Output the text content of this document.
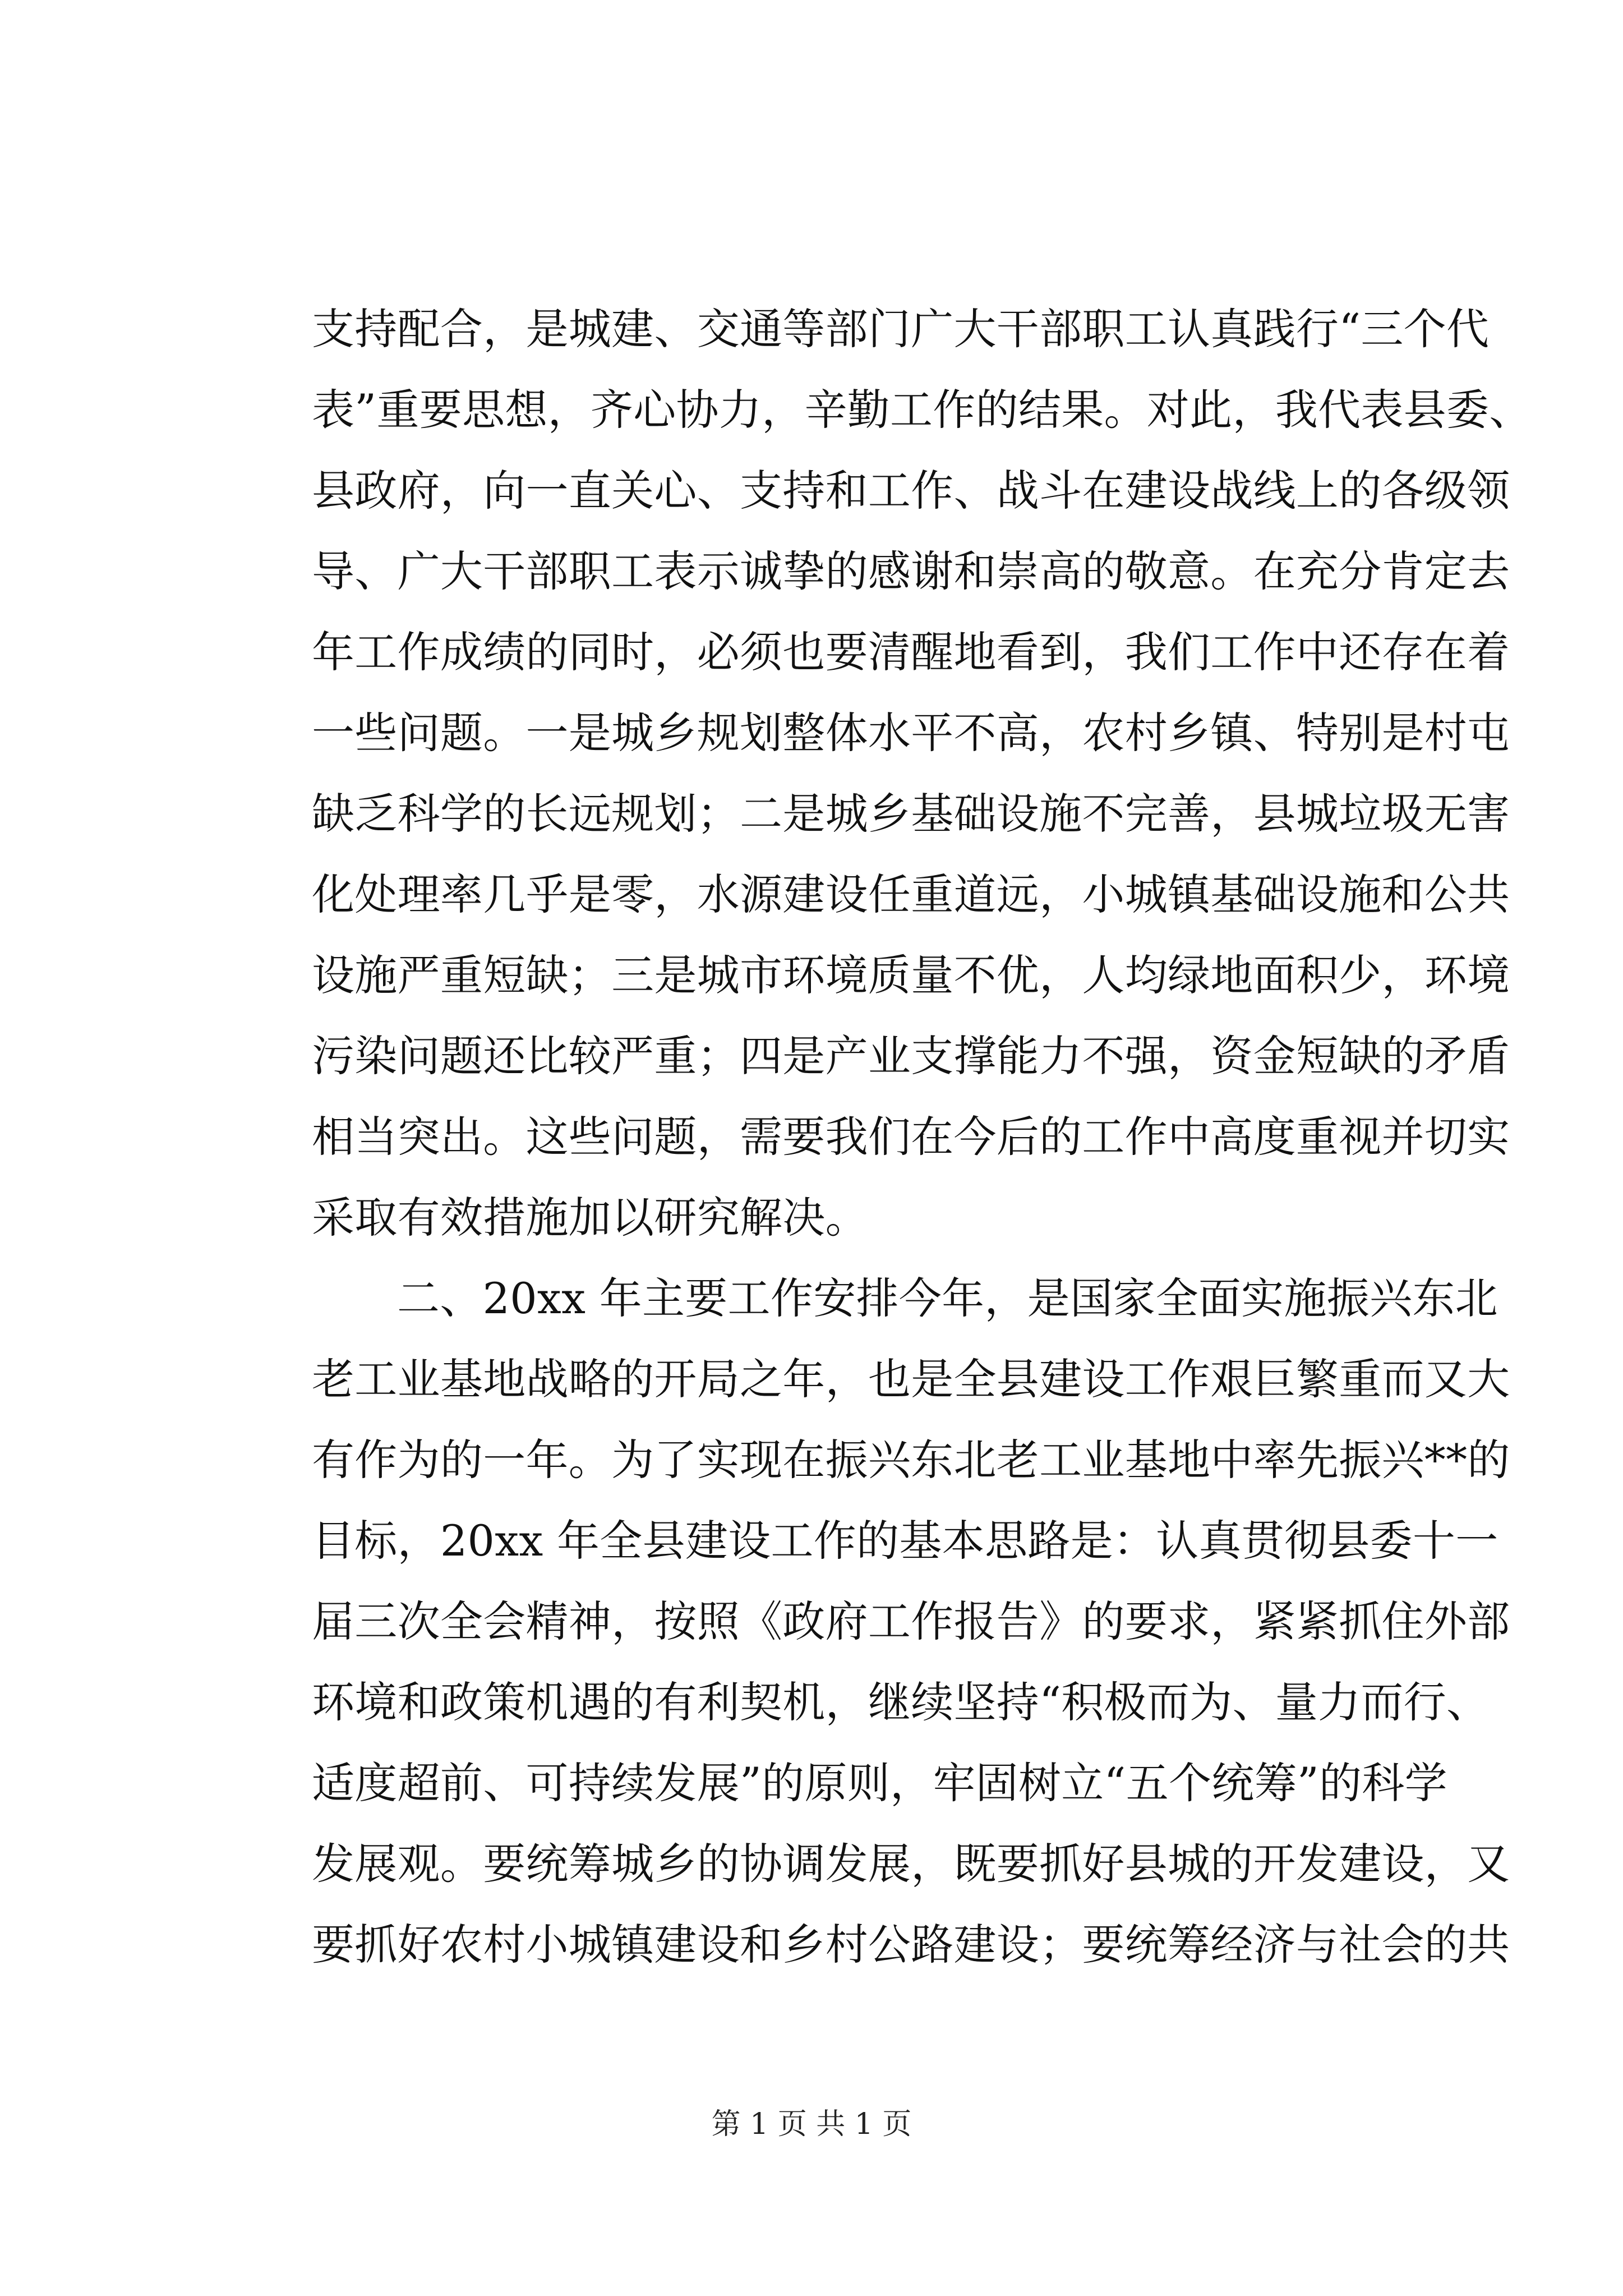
支持配合，是城建、交通等部门广大干部职工认真践行“三个代
表”重要思想，齐心协力，辛勤工作的结果。对此，我代表县委、
县政府，向一直关心、支持和工作、战斗在建设战线上的各级领
导、广大干部职工表示诚挚的感谢和崇高的敬意。在充分肯定去
年工作成绩的同时，必须也要清醒地看到，我们工作中还存在着
一些问题。一是城乡规划整体水平不高，农村乡镇、特别是村屯
缺乏科学的长远规划；二是城乡基础设施不完善，县城垃圾无害
化处理率几乎是零，水源建设任重道远，小城镇基础设施和公共
设施严重短缺；三是城市环境质量不优，人均绿地面积少，环境
污染问题还比较严重；四是产业支撑能力不强，资金短缺的矛盾
相当突出。这些问题，需要我们在今后的工作中高度重视并切实
采取有效措施加以研究解决。
二、20xx 年主要工作安排今年，是国家全面实施振兴东北
老工业基地战略的开局之年，也是全县建设工作艰巨繁重而又大
有作为的一年。为了实现在振兴东北老工业基地中率先振兴**的
目标，20xx 年全县建设工作的基本思路是：认真贯彻县委十一
届三次全会精神，按照《政府工作报告》的要求，紧紧抓住外部
环境和政策机遇的有利契机，继续坚持“积极而为、量力而行、
适度超前、可持续发展”的原则，牢固树立“五个统筹”的科学
发展观。要统筹城乡的协调发展，既要抓好县城的开发建设，又
要抓好农村小城镇建设和乡村公路建设；要统筹经济与社会的共
第 1 页 共 1 页
